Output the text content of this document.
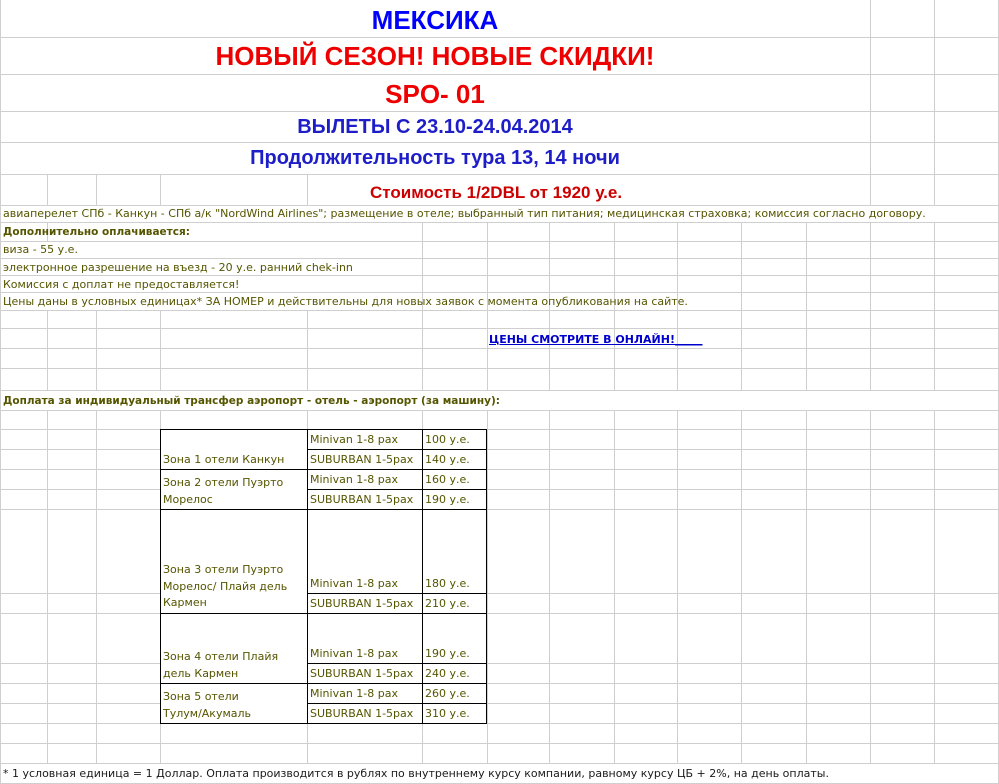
МЕКСИКА
НОВЫЙ СЕЗОН! НОВЫЕ СКИДКИ!
SPO- 01
ВЫЛЕТЫ С 23.10-24.04.2014
Продолжительность тура 13, 14 ночи
Стоимость 1/2DBL от 1920 у.е.
авиаперелет СПб - Канкун - СПб а/к "NordWind Airlines"; размещение в отеле; выбранный тип питания; медицинская страховка; комиссия согласно договору.
Дополнительно оплачивается:
виза - 55 у.е.
электронное разрешение на въезд - 20 у.е. ранний chek-inn
Комиссия с доплат не предоставляется!
Цены даны в условных единицах* ЗА НОМЕР и действительны для новых заявок с момента опубликования на сайте.
ЦЕНЫ СМОТРИТЕ В ОНЛАЙН!_____
Доплата за индивидуальный трансфер аэропорт - отель - аэропорт (за машину):
Зона 1 отели Канкун
Minivan 1-8 pax 100 у.е.
SUBURBAN 1-5pax 140 у.е.
Зона 2 отели Пуэрто Морелос
Minivan 1-8 pax 160 у.е.
SUBURBAN 1-5pax 190 у.е.
Зона 3 отели Пуэрто Морелос/ Плайя дель Кармен
Minivan 1-8 pax 180 у.е.
SUBURBAN 1-5pax 210 у.е.
Зона 4 отели Плайя дель Кармен
Minivan 1-8 pax 190 у.е.
SUBURBAN 1-5pax 240 у.е.
Зона 5 отели Тулум/Акумаль
Minivan 1-8 pax 260 у.е.
SUBURBAN 1-5pax 310 у.е.
* 1 условная единица = 1 Доллар. Оплата производится в рублях по внутреннему курсу компании, равному курсу ЦБ + 2%, на день оплаты.
